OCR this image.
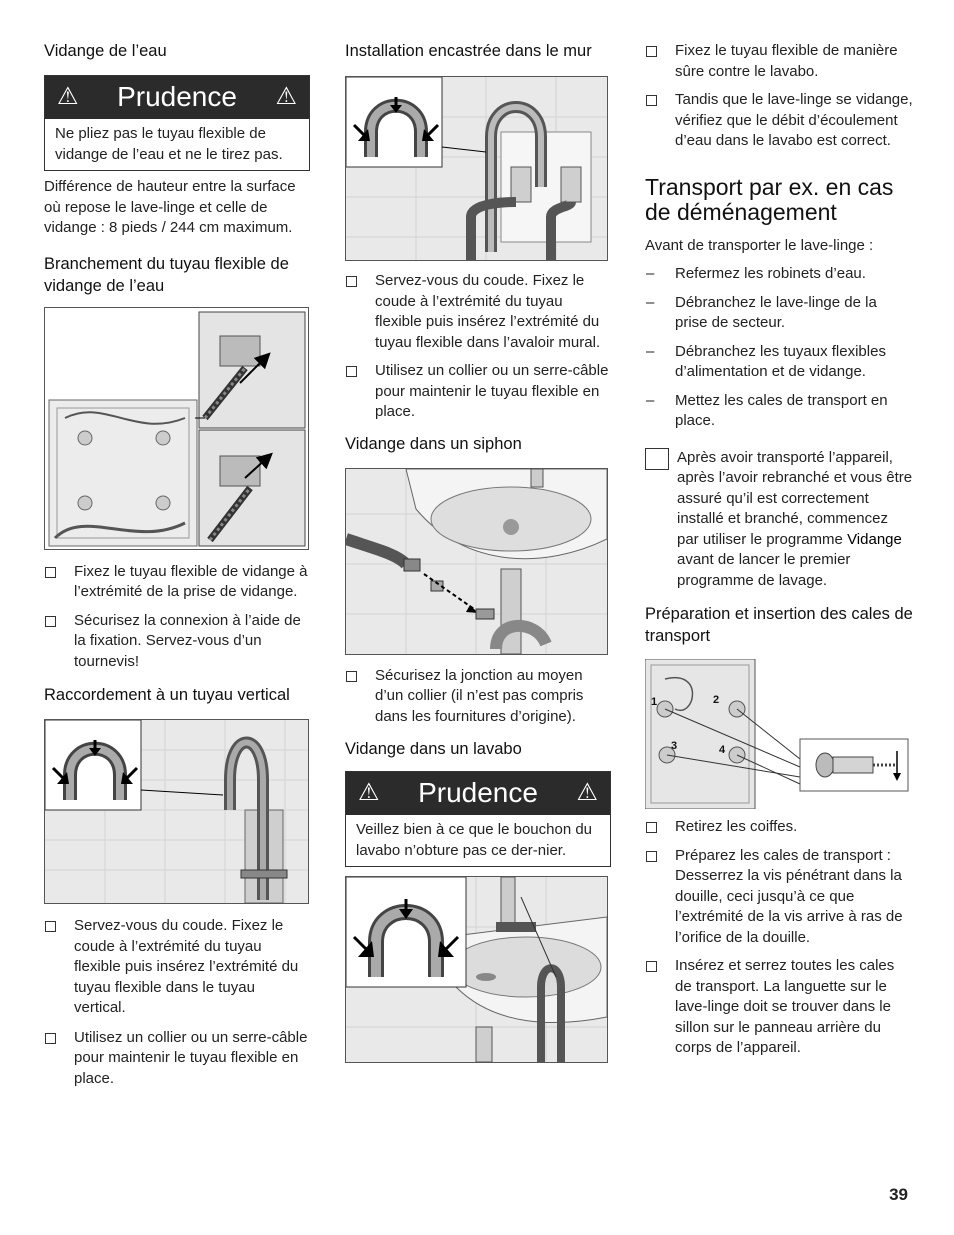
Vidange de l’eau
⚠ Prudence ⚠
Ne pliez pas le tuyau flexible de vidange de l’eau et ne le tirez pas.

Différence de hauteur entre la surface où repose le lave-linge et celle de vidange : 8 pieds / 244 cm maximum.

Branchement du tuyau flexible de vidange de l’eau
Fixez le tuyau flexible de vidange à l’extrémité de la prise de vidange.
Sécurisez la connexion à l’aide de la fixation. Servez-vous d’un tournevis!
Raccordement à un tuyau vertical
Servez-vous du coude. Fixez le coude à l’extrémité du tuyau flexible puis insérez l’extrémité du tuyau flexible dans le tuyau vertical.
Utilisez un collier ou un serre-câble pour maintenir le tuyau flexible en place.
Installation encastrée dans le mur
Servez-vous du coude. Fixez le coude à l’extrémité du tuyau flexible puis insérez l’extrémité du tuyau flexible dans l’avaloir mural.
Utilisez un collier ou un serre-câble pour maintenir le tuyau flexible en place.
Vidange dans un siphon
Sécurisez la jonction au moyen d’un collier (il n’est pas compris dans les fournitures d’origine).
Vidange dans un lavabo
⚠ Prudence ⚠
Veillez bien à ce que le bouchon du lavabo n’obture pas ce der-nier.
Fixez le tuyau flexible de manière sûre contre le lavabo.
Tandis que le lave-linge se vidange, vérifiez que le débit d’écoulement d’eau dans le lavabo est correct.
Transport par ex. en cas de déménagement

Avant de transporter le lave-linge :

– Refermez les robinets d’eau.
– Débranchez le lave-linge de la prise de secteur.
– Débranchez les tuyaux flexibles d’alimentation et de vidange.
– Mettez les cales de transport en place.

Après avoir transporté l’appareil, après l’avoir rebranché et vous être assuré qu’il est correctement installé et branché, commencez par utiliser le programme Vidange avant de lancer le premier programme de lavage.

Préparation et insertion des cales de transport
1	2
3	4
Retirez les coiffes.
Préparez les cales de transport : Desserrez la vis pénétrant dans la douille, ceci jusqu’à ce que l’extrémité de la vis arrive à ras de l’orifice de la douille.
Insérez et serrez toutes les cales de transport. La languette sur le lave-linge doit se trouver dans le sillon sur le panneau arrière du corps de l’appareil.
39
